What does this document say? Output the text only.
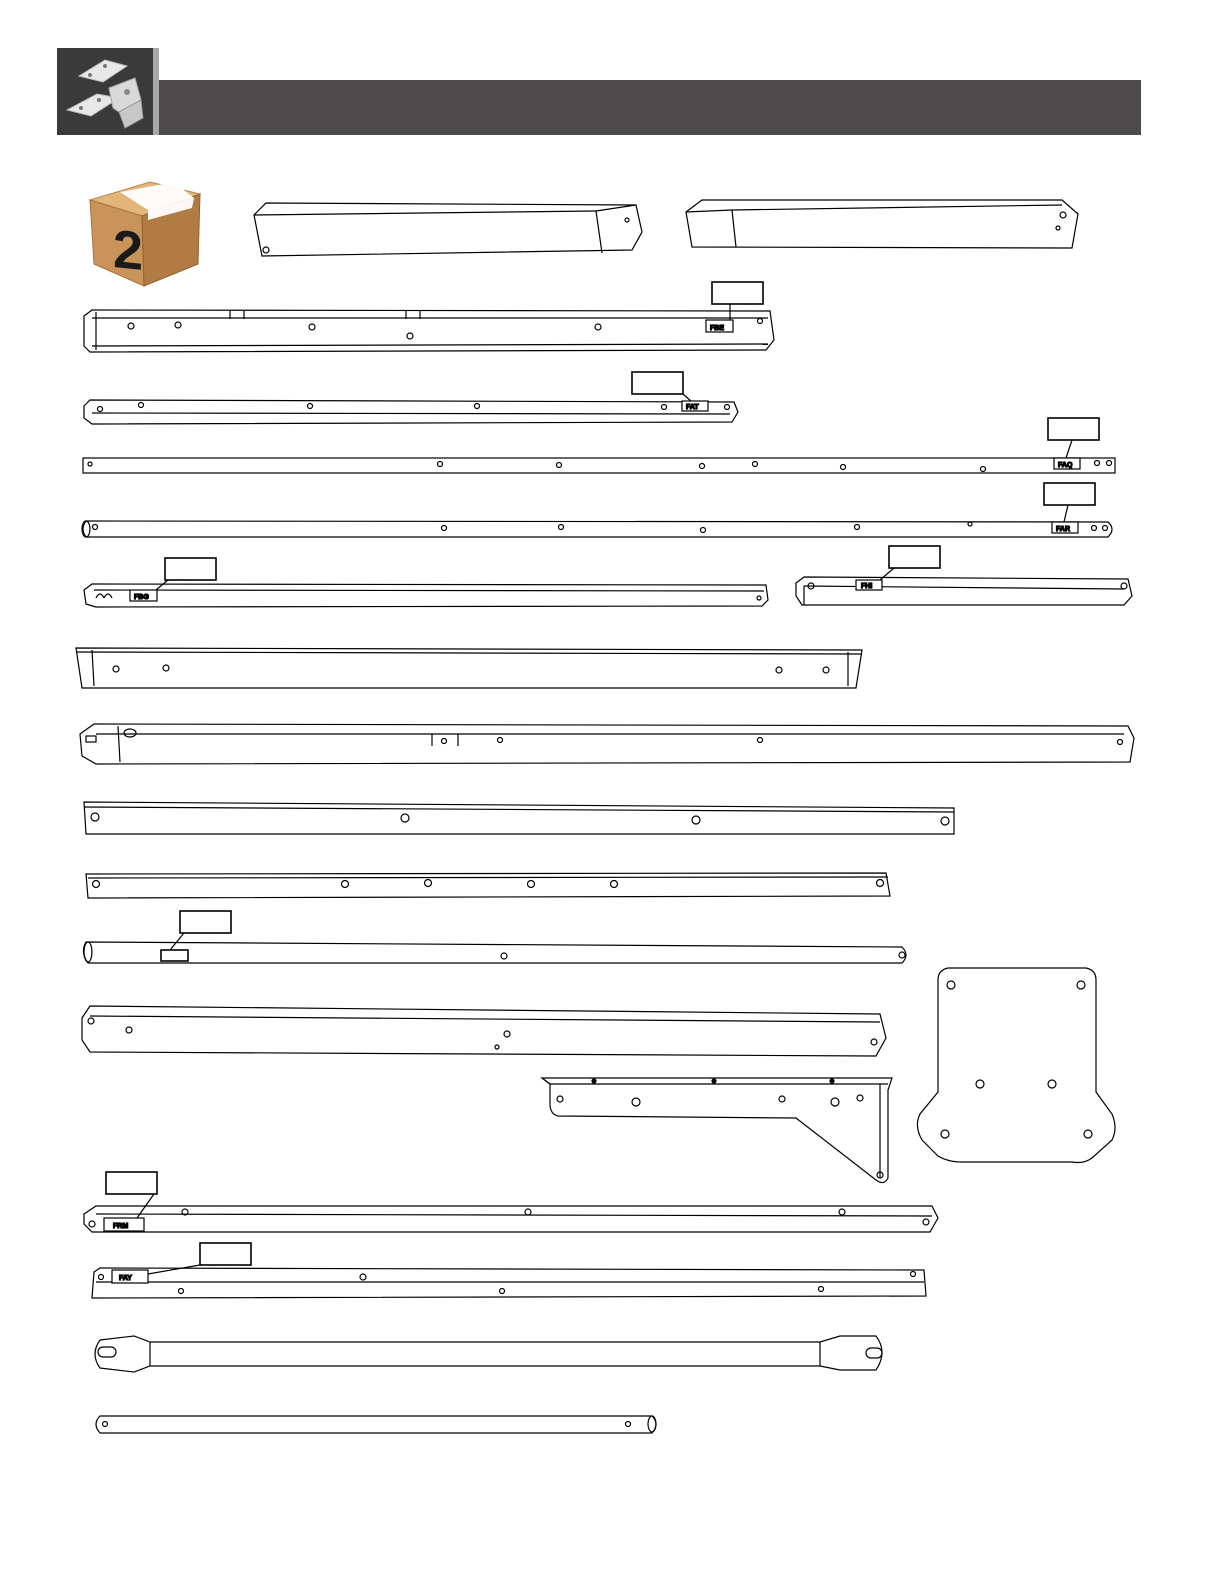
2
FBE
FAT
FAQ
FAR
FBG
FHI
FRM
FAY
